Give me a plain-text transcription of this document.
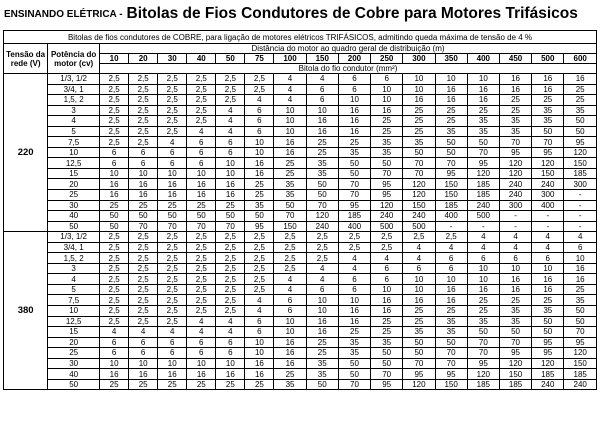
ENSINANDO ELÉTRICA - Bitolas de Fios Condutores de Cobre para Motores Trifásicos
Bitolas de fios condutores de COBRE, para ligação de motores elétricos TRIFÁSICOS, admitindo queda máxima de tensão de 4 %																	

Tensão da rede (V)	Potência do motor (cv)	Distância do motor ao quadro geral de distribuição (m)															
		10	20	30	40	50	75	100	150	200	250	300	350	400	450	500	600
		Bitola do fio condutor (mm²)															
220	1/3, 1/2	2,5	2,5	2,5	2,5	2,5	2,5	4	4	6	6	10	10	10	16	16	16
	3/4, 1	2,5	2,5	2,5	2,5	2,5	2,5	4	6	6	10	10	16	16	16	16	25
	1,5, 2	2,5	2,5	2,5	2,5	2,5	4	4	6	10	10	16	16	16	25	25	25
	3	2,5	2,5	2,5	2,5	4	6	10	10	16	16	25	25	25	25	35	35
	4	2,5	2,5	2,5	2,5	4	6	10	16	16	25	25	25	35	35	35	50
	5	2,5	2,5	2,5	4	4	6	10	16	16	25	25	35	35	35	50	50
	7,5	2,5	2,5	4	6	6	10	16	25	25	35	35	50	50	70	70	95
	10	6	6	6	6	6	10	16	25	35	35	50	50	70	95	95	120
	12,5	6	6	6	6	10	16	25	35	50	50	70	70	95	120	120	150
	15	10	10	10	10	10	16	25	35	50	70	70	95	120	120	150	185
	20	16	16	16	16	16	25	35	50	70	95	120	150	185	240	240	300
	25	16	16	16	16	16	25	35	50	70	95	120	150	185	240	300	-
	30	25	25	25	25	25	35	50	70	95	120	150	185	240	300	400	-
	40	50	50	50	50	50	50	70	120	185	240	240	400	500	-	-	-
	50	50	70	70	70	70	95	150	240	400	500	500	-	-	-	-	-
380	1/3, 1/2	2,5	2,5	2,5	2,5	2,5	2,5	2,5	2,5	2,5	2,5	2,5	2,5	4	4	4	4
	3/4, 1	2,5	2,5	2,5	2,5	2,5	2,5	2,5	2,5	2,5	2,5	4	4	4	4	4	6
	1,5, 2	2,5	2,5	2,5	2,5	2,5	2,5	2,5	2,5	4	4	4	6	6	6	6	10
	3	2,5	2,5	2,5	2,5	2,5	2,5	2,5	4	4	6	6	6	10	10	10	16
	4	2,5	2,5	2,5	2,5	2,5	2,5	4	4	6	6	10	10	10	16	16	16
	5	2,5	2,5	2,5	2,5	2,5	2,5	4	6	6	10	10	16	16	16	16	25
	7,5	2,5	2,5	2,5	2,5	2,5	4	6	10	10	16	16	16	25	25	25	35
	10	2,5	2,5	2,5	2,5	2,5	4	6	10	16	16	25	25	25	35	35	50
	12,5	2,5	2,5	2,5	4	4	6	10	16	16	25	25	35	35	35	50	50
	15	4	4	4	4	4	6	10	16	25	25	35	35	50	50	50	70
	20	6	6	6	6	6	10	16	25	35	35	50	50	70	70	95	95
	25	6	6	6	6	6	10	16	25	35	50	50	70	70	95	95	120
	30	10	10	10	10	10	16	16	35	50	50	70	70	95	120	120	150
	40	16	16	16	16	16	16	25	35	50	70	95	95	120	150	185	185
	50	25	25	25	25	25	25	35	50	70	95	120	150	185	185	240	240
